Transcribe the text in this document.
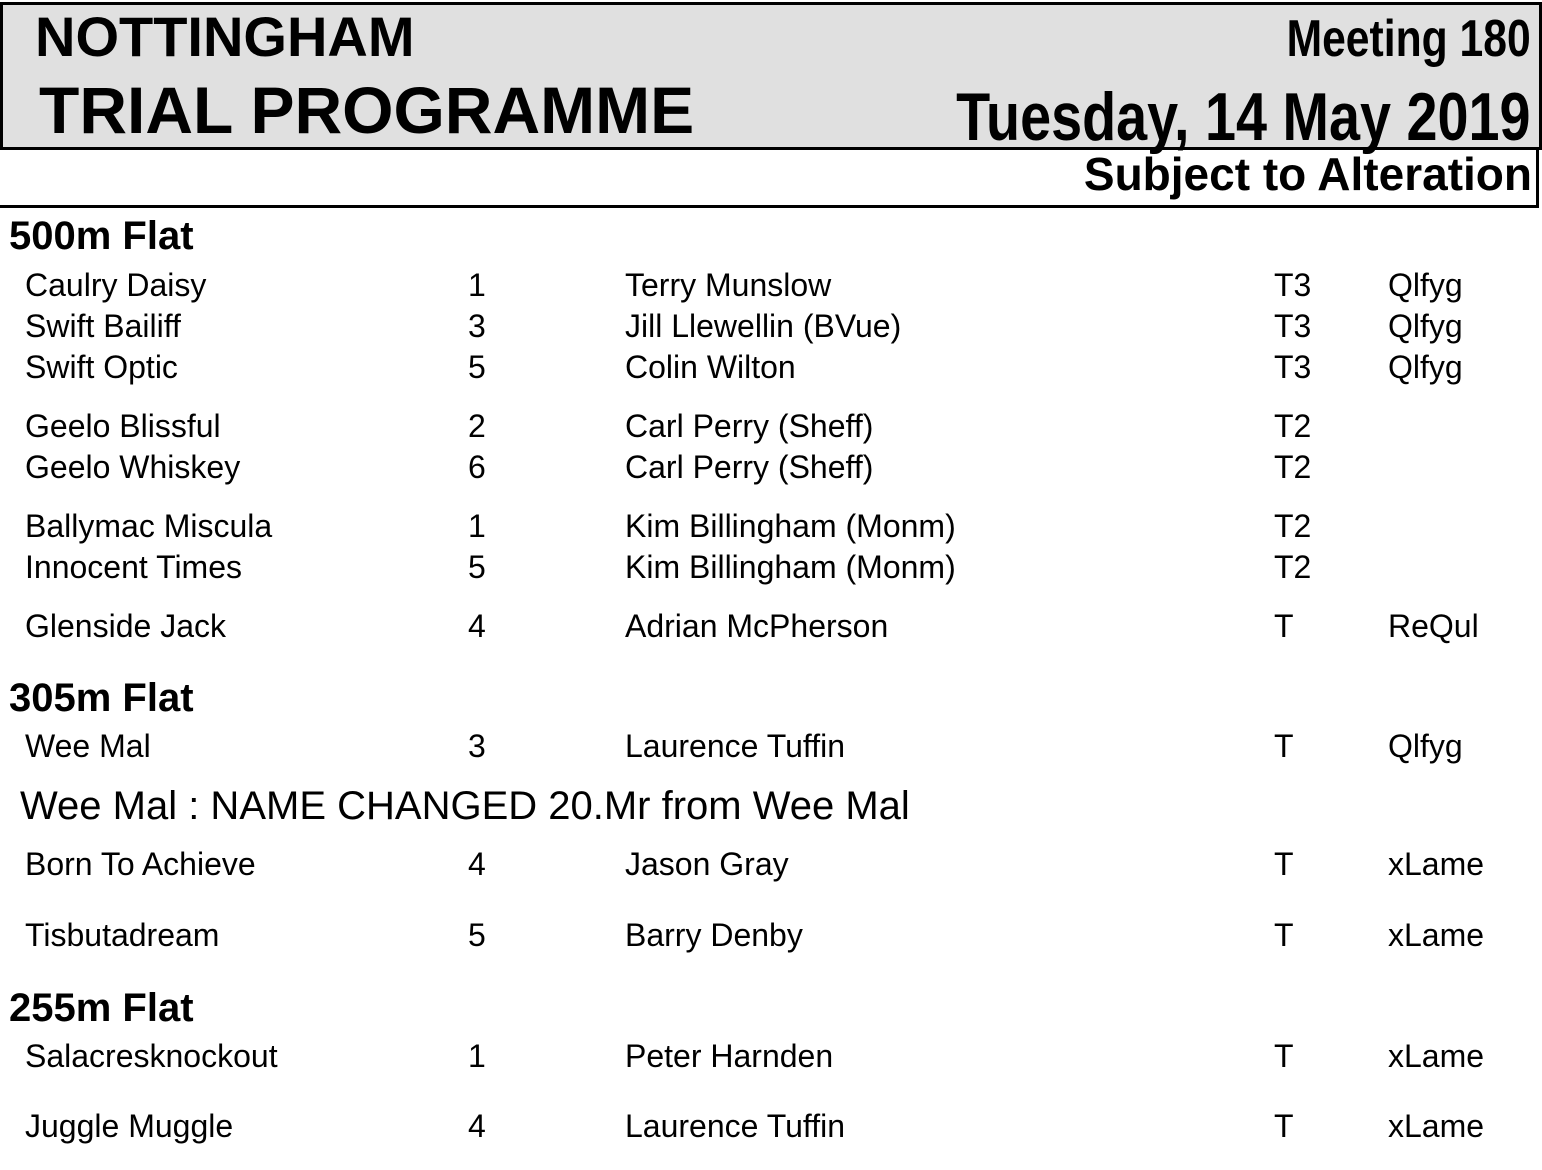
NOTTINGHAM
TRIAL PROGRAMME
Meeting 180
Tuesday, 14 May 2019
Subject to Alteration
500m Flat
Caulry Daisy	1	Terry Munslow	T3 Qlfyg
Swift Bailiff	3	Jill Llewellin (BVue)	T3 Qlfyg
Swift Optic	5	Colin Wilton	T3 Qlfyg
Geelo Blissful	2	Carl Perry (Sheff)	T2
Geelo Whiskey	6	Carl Perry (Sheff)	T2
Ballymac Miscula	1	Kim Billingham (Monm)	T2
Innocent Times	5	Kim Billingham (Monm)	T2
Glenside Jack	4	Adrian McPherson	T	ReQul
305m Flat
Wee Mal	3	Laurence Tuffin	T	Qlfyg
Wee Mal : NAME CHANGED 20.Mr from Wee Mal
Born To Achieve	4	Jason Gray	T	xLame
Tisbutadream	5	Barry Denby	T	xLame
255m Flat
Salacresknockout	1	Peter Harnden	T	xLame
Juggle Muggle	4	Laurence Tuffin	T	xLame
